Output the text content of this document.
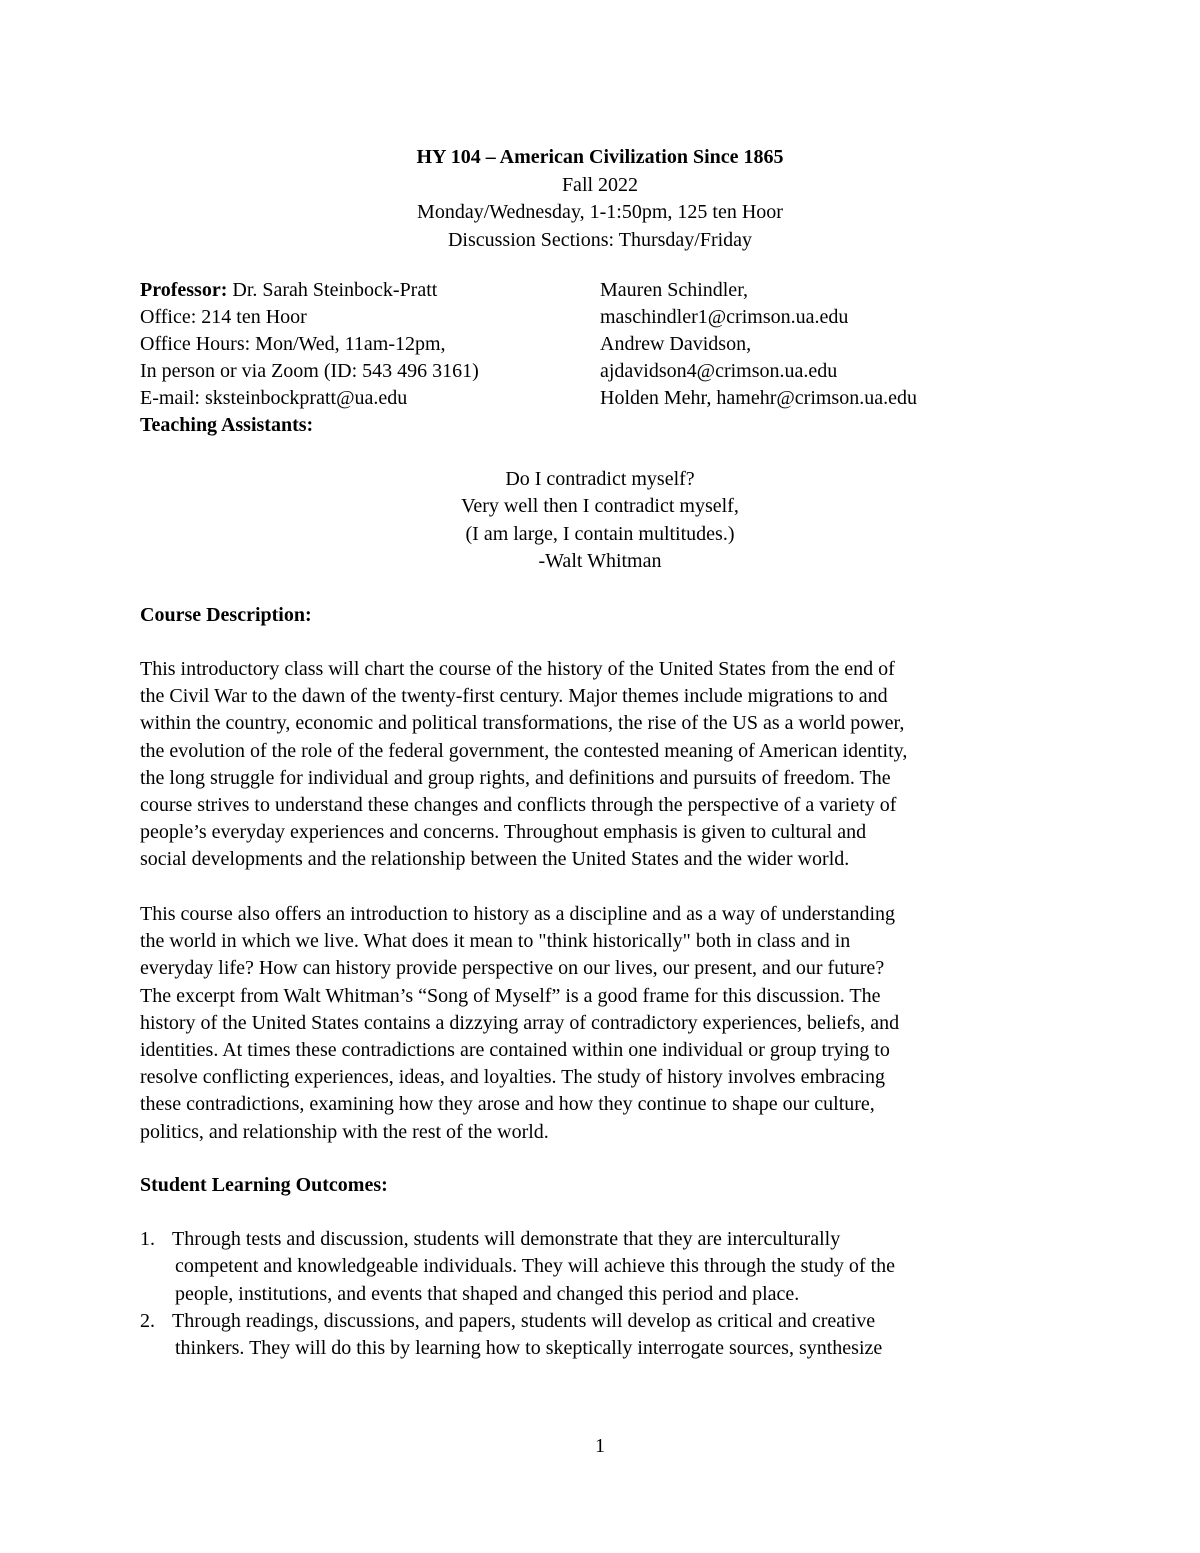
HY 104 – American Civilization Since 1865
Fall 2022
Monday/Wednesday, 1-1:50pm, 125 ten Hoor
Discussion Sections: Thursday/Friday
Professor: Dr. Sarah Steinbock-Pratt
Office: 214 ten Hoor
Office Hours: Mon/Wed, 11am-12pm,
In person or via Zoom (ID: 543 496 3161)
E-mail: sksteinbockpratt@ua.edu
Teaching Assistants:
Mauren Schindler,
maschindler1@crimson.ua.edu
Andrew Davidson,
ajdavidson4@crimson.ua.edu
Holden Mehr, hamehr@crimson.ua.edu
Do I contradict myself?
Very well then I contradict myself,
(I am large, I contain multitudes.)
-Walt Whitman
Course Description:
This introductory class will chart the course of the history of the United States from the end of
the Civil War to the dawn of the twenty-first century. Major themes include migrations to and
within the country, economic and political transformations, the rise of the US as a world power,
the evolution of the role of the federal government, the contested meaning of American identity,
the long struggle for individual and group rights, and definitions and pursuits of freedom. The
course strives to understand these changes and conflicts through the perspective of a variety of
people’s everyday experiences and concerns. Throughout emphasis is given to cultural and
social developments and the relationship between the United States and the wider world.
This course also offers an introduction to history as a discipline and as a way of understanding
the world in which we live. What does it mean to "think historically" both in class and in
everyday life? How can history provide perspective on our lives, our present, and our future?
The excerpt from Walt Whitman’s “Song of Myself” is a good frame for this discussion. The
history of the United States contains a dizzying array of contradictory experiences, beliefs, and
identities. At times these contradictions are contained within one individual or group trying to
resolve conflicting experiences, ideas, and loyalties. The study of history involves embracing
these contradictions, examining how they arose and how they continue to shape our culture,
politics, and relationship with the rest of the world.
Student Learning Outcomes:
1. Through tests and discussion, students will demonstrate that they are interculturally
competent and knowledgeable individuals. They will achieve this through the study of the
people, institutions, and events that shaped and changed this period and place.
2. Through readings, discussions, and papers, students will develop as critical and creative
thinkers. They will do this by learning how to skeptically interrogate sources, synthesize
1
